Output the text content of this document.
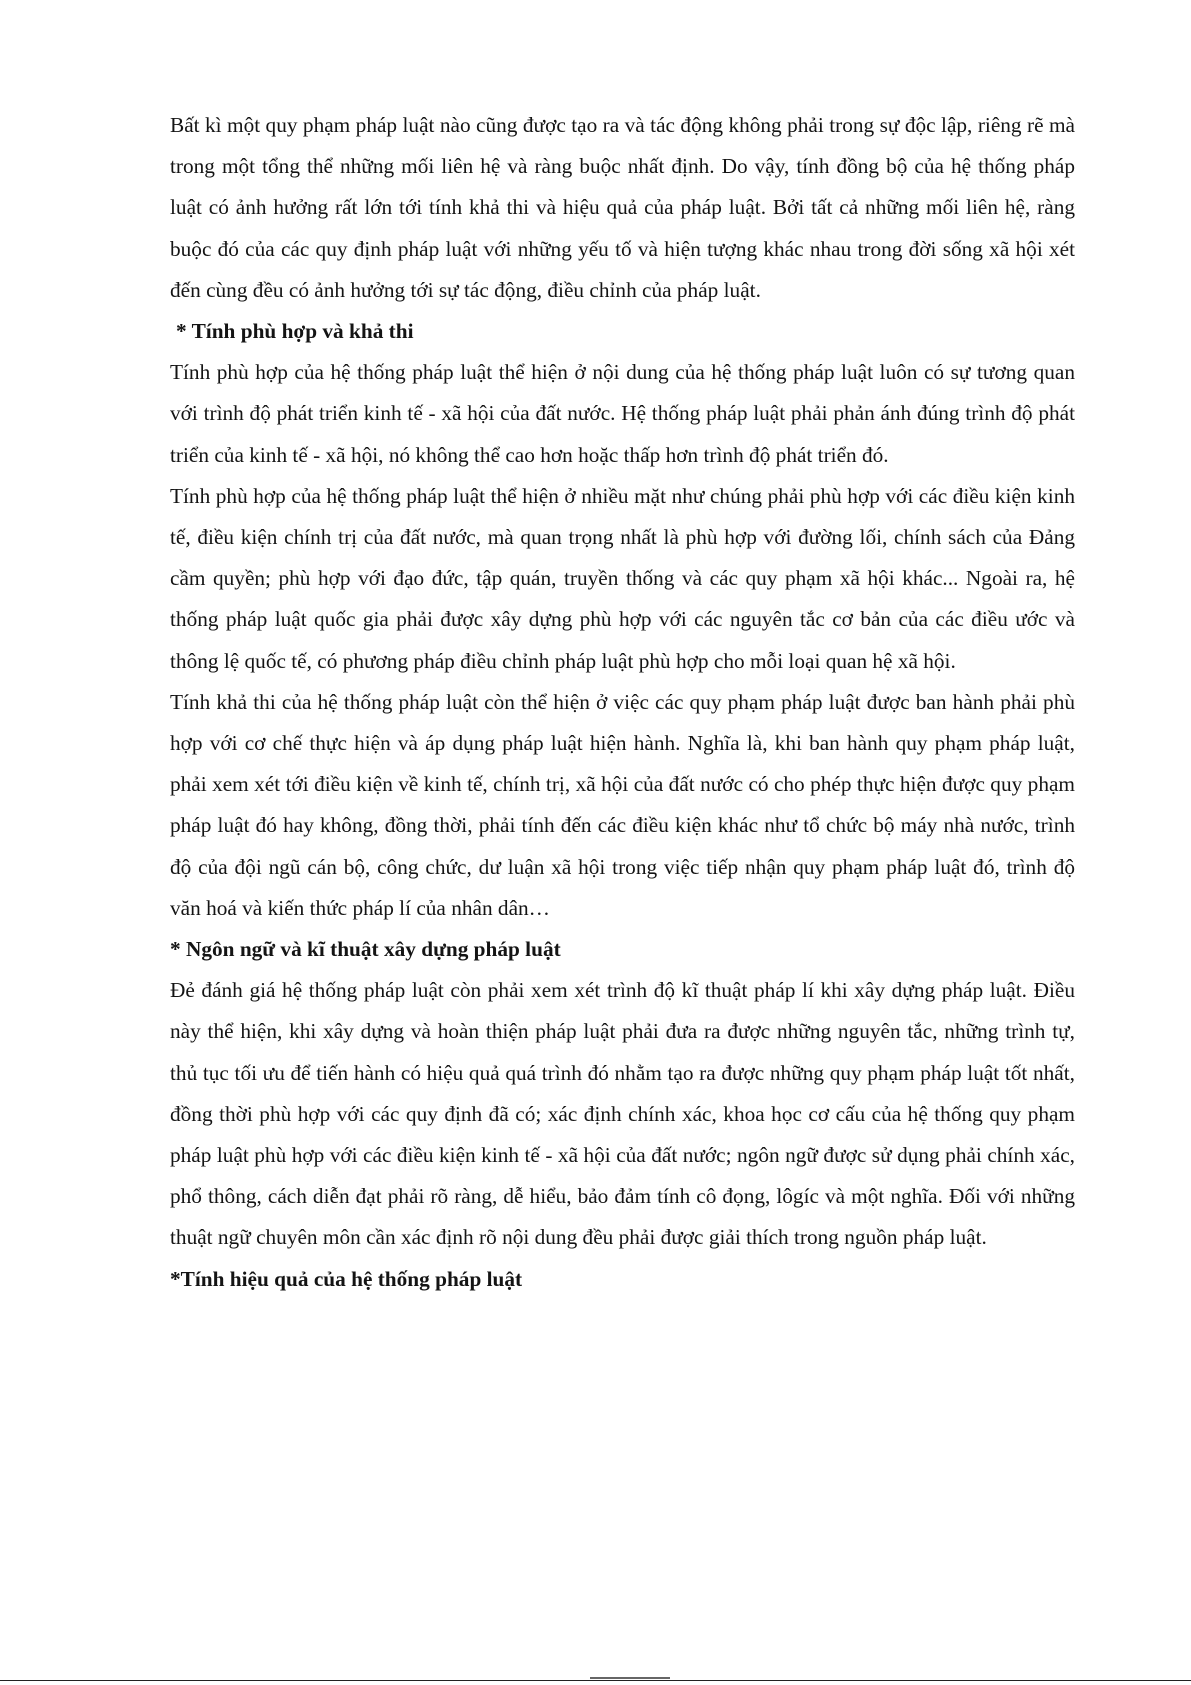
Bất kì một quy phạm pháp luật nào cũng được tạo ra và tác động không phải trong sự độc lập, riêng rẽ mà trong một tổng thể những mối liên hệ và ràng buộc nhất định. Do vậy, tính đồng bộ của hệ thống pháp luật có ảnh hưởng rất lớn tới tính khả thi và hiệu quả của pháp luật. Bởi tất cả những mối liên hệ, ràng buộc đó của các quy định pháp luật với những yếu tố và hiện tượng khác nhau trong đời sống xã hội xét đến cùng đều có ảnh hưởng tới sự tác động, điều chỉnh của pháp luật.

* Tính phù hợp và khả thi

Tính phù hợp của hệ thống pháp luật thể hiện ở nội dung của hệ thống pháp luật luôn có sự tương quan với trình độ phát triển kinh tế - xã hội của đất nước. Hệ thống pháp luật phải phản ánh đúng trình độ phát triển của kinh tế - xã hội, nó không thể cao hơn hoặc thấp hơn trình độ phát triển đó.

Tính phù hợp của hệ thống pháp luật thể hiện ở nhiều mặt như chúng phải phù hợp với các điều kiện kinh tế, điều kiện chính trị của đất nước, mà quan trọng nhất là phù hợp với đường lối, chính sách của Đảng cầm quyền; phù hợp với đạo đức, tập quán, truyền thống và các quy phạm xã hội khác... Ngoài ra, hệ thống pháp luật quốc gia phải được xây dựng phù hợp với các nguyên tắc cơ bản của các điều ước và thông lệ quốc tế, có phương pháp điều chỉnh pháp luật phù hợp cho mỗi loại quan hệ xã hội.

Tính khả thi của hệ thống pháp luật còn thể hiện ở việc các quy phạm pháp luật được ban hành phải phù hợp với cơ chế thực hiện và áp dụng pháp luật hiện hành. Nghĩa là, khi ban hành quy phạm pháp luật, phải xem xét tới điều kiện về kinh tế, chính trị, xã hội của đất nước có cho phép thực hiện được quy phạm pháp luật đó hay không, đồng thời, phải tính đến các điều kiện khác như tổ chức bộ máy nhà nước, trình độ của đội ngũ cán bộ, công chức, dư luận xã hội trong việc tiếp nhận quy phạm pháp luật đó, trình độ văn hoá và kiến thức pháp lí của nhân dân…

* Ngôn ngữ và kĩ thuật xây dựng pháp luật

Đẻ đánh giá hệ thống pháp luật còn phải xem xét trình độ kĩ thuật pháp lí khi xây dựng pháp luật. Điều này thể hiện, khi xây dựng và hoàn thiện pháp luật phải đưa ra được những nguyên tắc, những trình tự, thủ tục tối ưu để tiến hành có hiệu quả quá trình đó nhằm tạo ra được những quy phạm pháp luật tốt nhất, đồng thời phù hợp với các quy định đã có; xác định chính xác, khoa học cơ cấu của hệ thống quy phạm pháp luật phù hợp với các điều kiện kinh tế - xã hội của đất nước; ngôn ngữ được sử dụng phải chính xác, phổ thông, cách diễn đạt phải rõ ràng, dễ hiểu, bảo đảm tính cô đọng, lôgíc và một nghĩa. Đối với những thuật ngữ chuyên môn cần xác định rõ nội dung đều phải được giải thích trong nguồn pháp luật.

*Tính hiệu quả của hệ thống pháp luật
